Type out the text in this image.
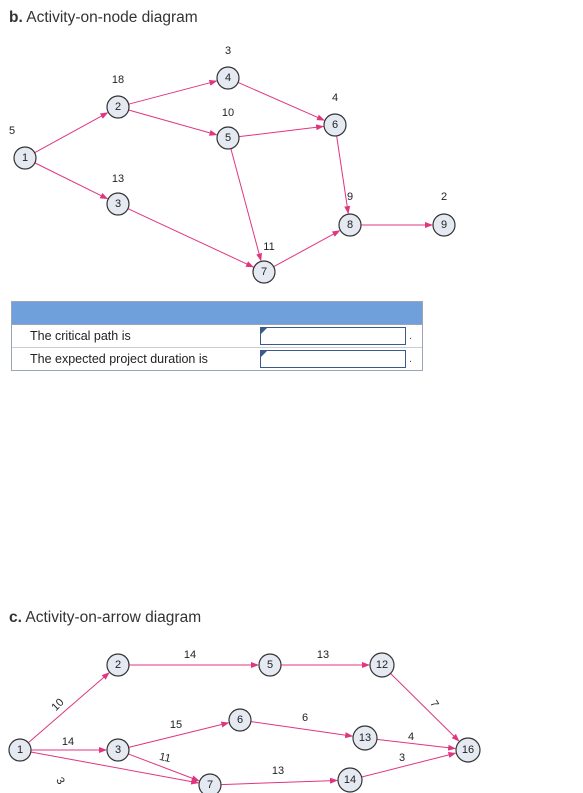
b. Activity-on-node diagram
1
5
2
18
3
13
4
3
5
10
6
4
7
11
8
9
9
2
10
14
3
14
15
11
13
6
13
7
4
3
1
2
3
5
6
7
12
13
14
16
The critical path is	.
The expected project duration is	.
c. Activity-on-arrow diagram
